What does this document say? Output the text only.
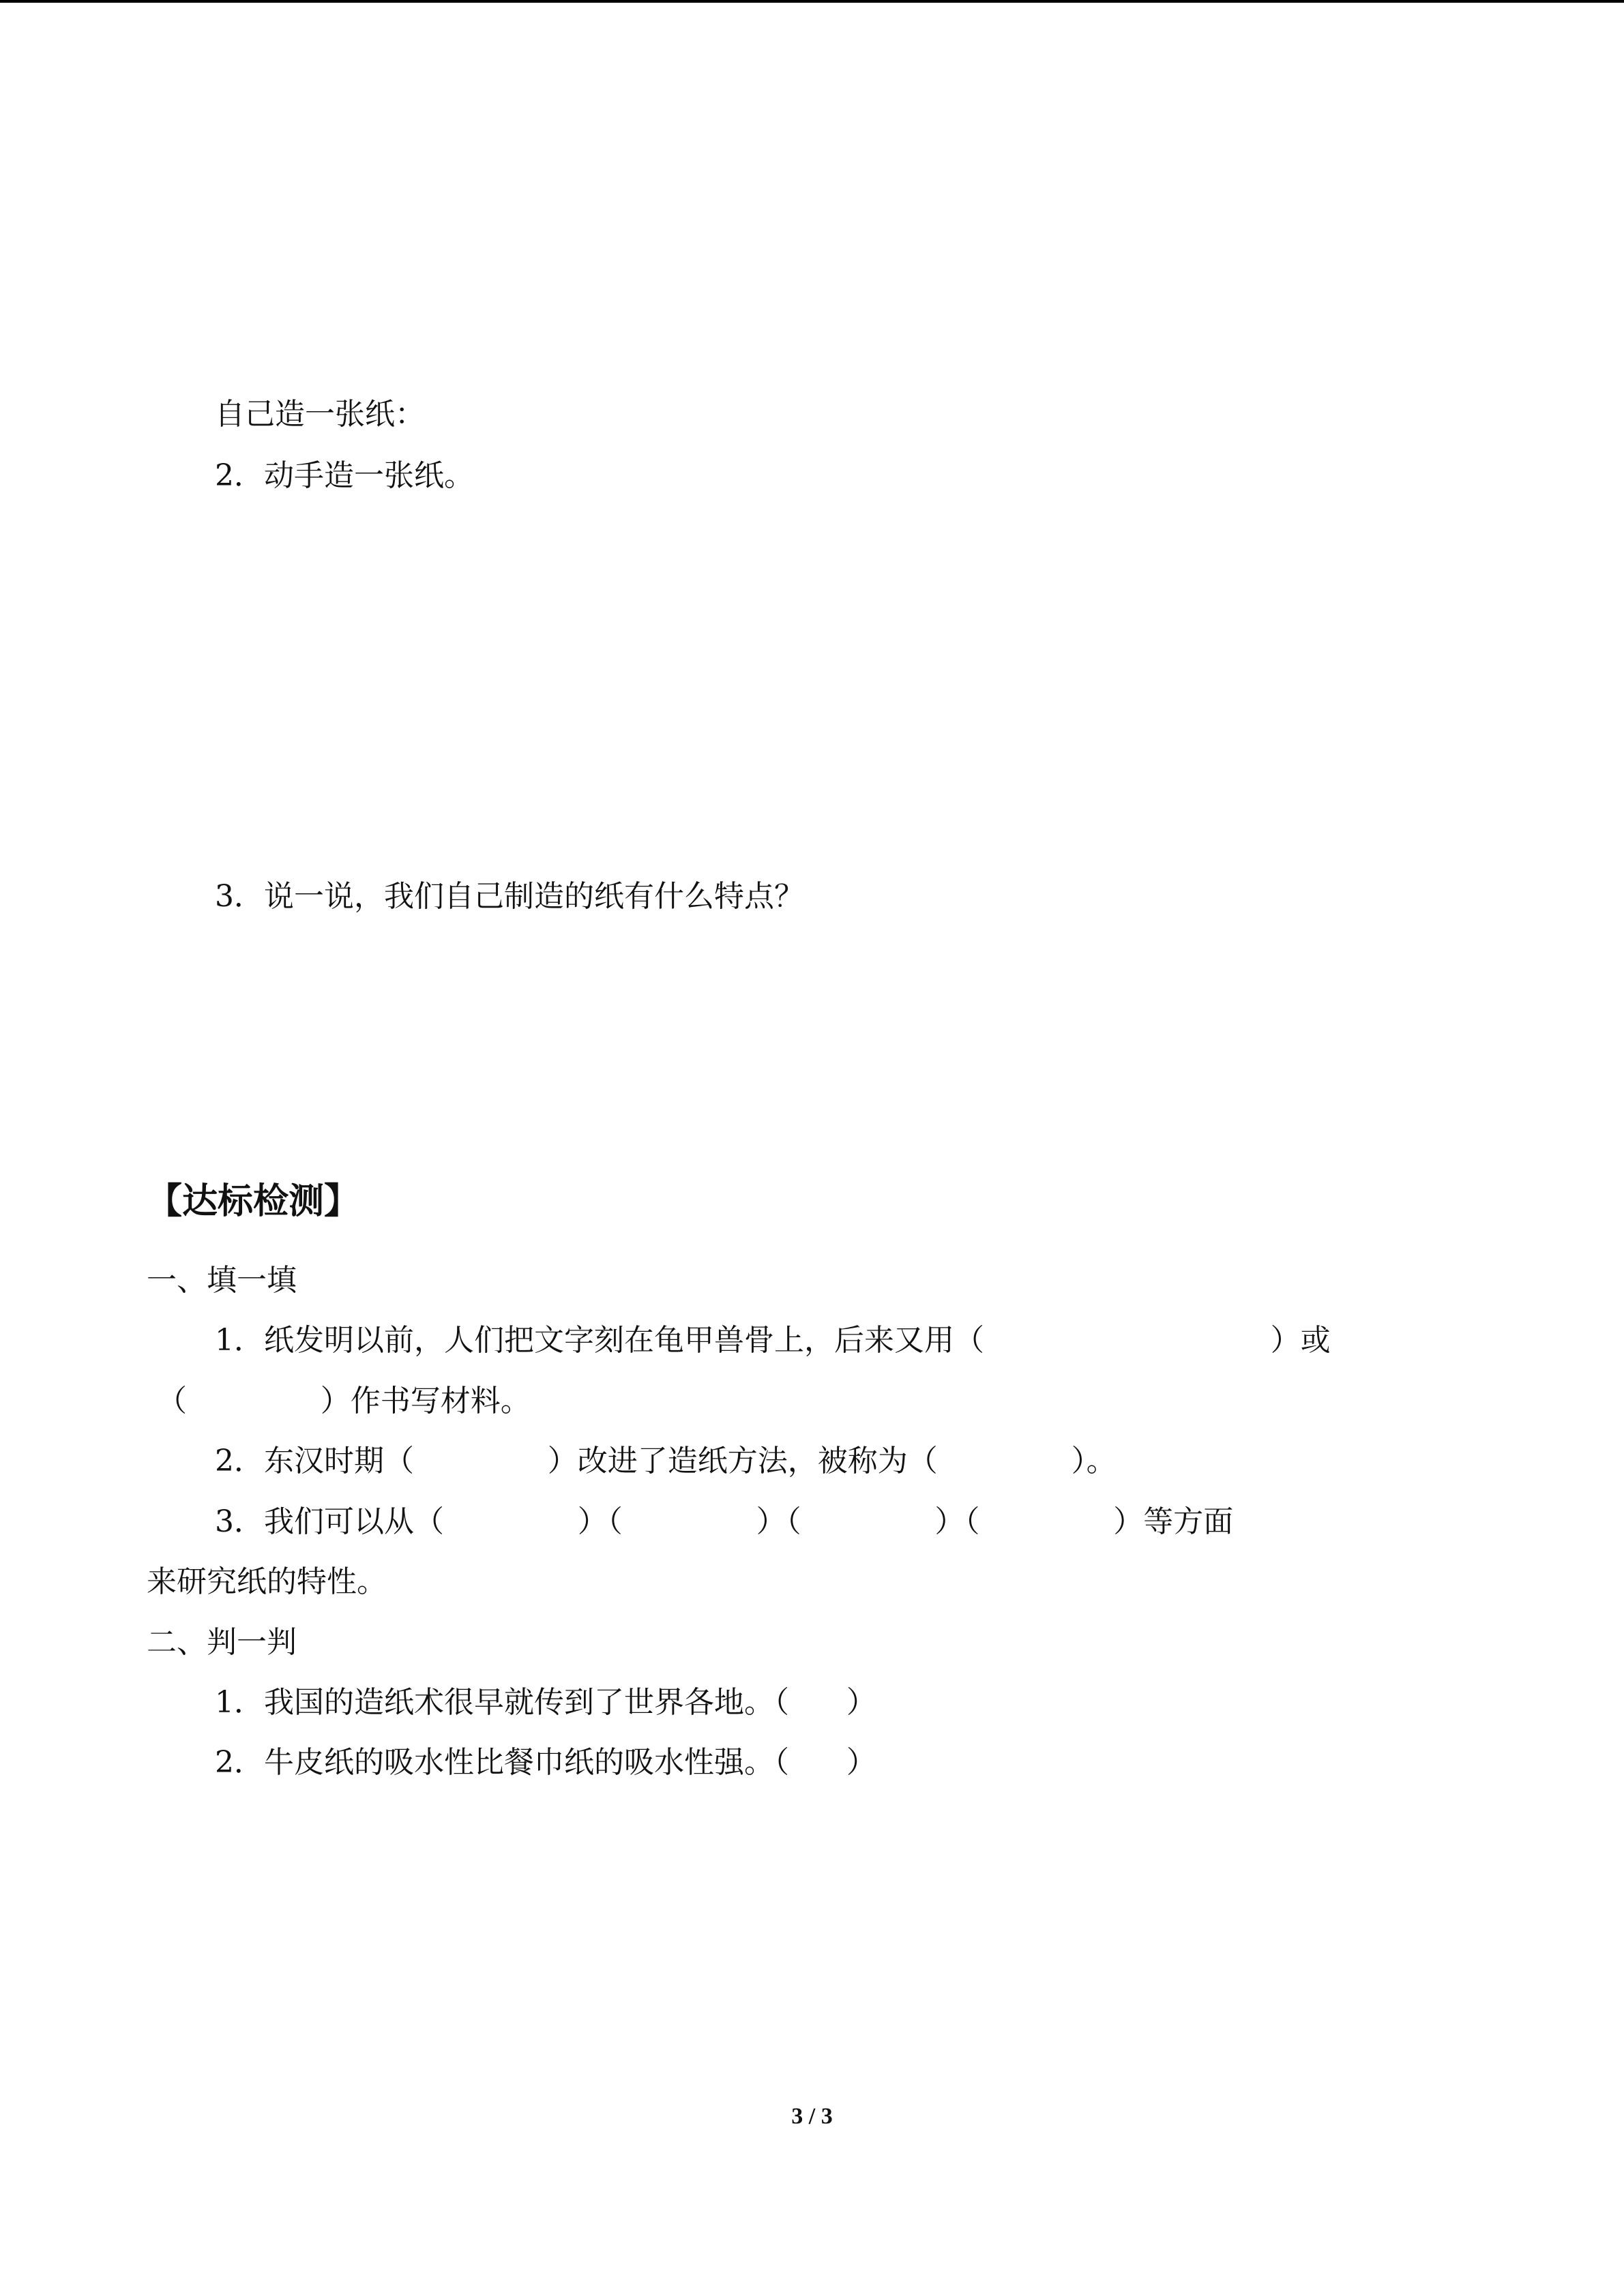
自己造一张纸：
2．动手造一张纸。
3．说一说，我们自己制造的纸有什么特点？
【达标检测】
一、填一填
1．纸发明以前，人们把文字刻在龟甲兽骨上，后来又用（                              ）或
（              ）作书写材料。
2．东汉时期（              ）改进了造纸方法，被称为（              ）。
3．我们可以从（              ）（              ）（              ）（              ）等方面
来研究纸的特性。
二、判一判
1．我国的造纸术很早就传到了世界各地。（      ）
2．牛皮纸的吸水性比餐巾纸的吸水性强。（      ）
3 / 3
